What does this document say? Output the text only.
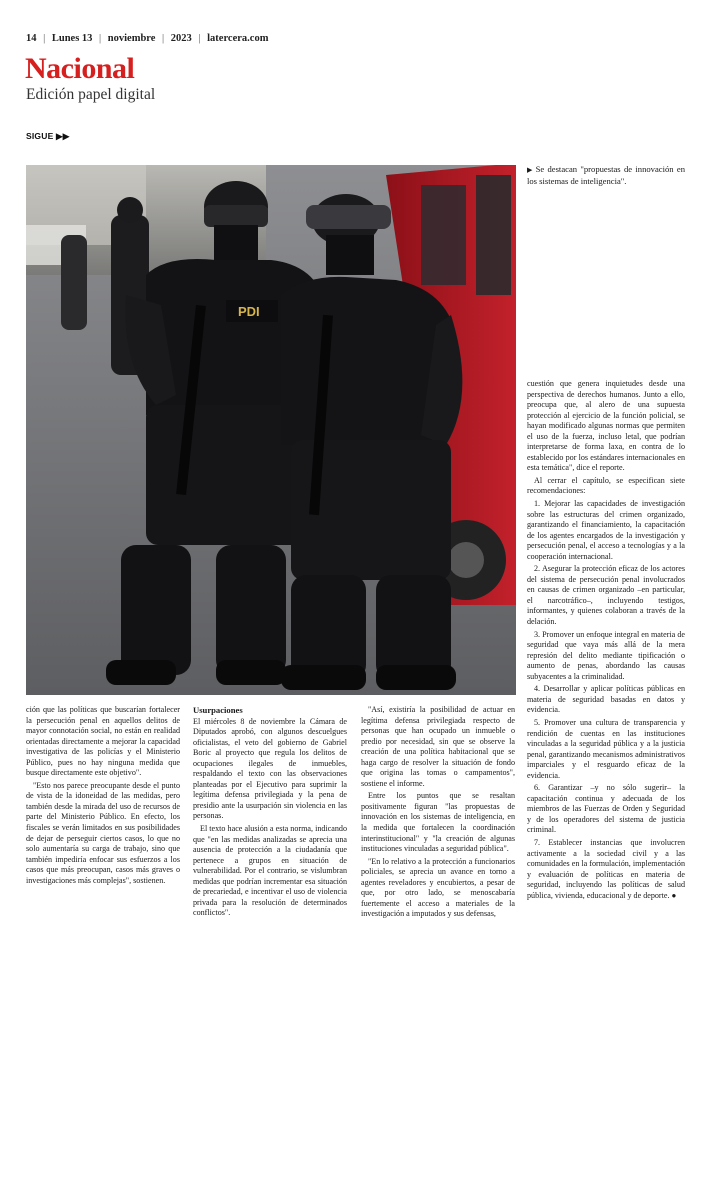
14 | Lunes 13 | noviembre | 2023 | latercera.com
Nacional
Edición papel digital
SIGUE ▶▶
PDI

ción que las políticas que buscarían fortalecer la persecución penal en aquellos delitos de mayor connotación social, no están en realidad orientadas directamente a mejorar la capacidad investigativa de las policías y el Ministerio Público, pues no hay ninguna medida que busque directamente este objetivo".

"Esto nos parece preocupante desde el punto de vista de la idoneidad de las medidas, pero también desde la mirada del uso de recursos de parte del Ministerio Público. En efecto, los fiscales se verán limitados en sus posibilidades de dejar de perseguir ciertos casos, lo que no solo aumentaría su carga de trabajo, sino que también impediría enfocar sus esfuerzos a los casos que más preocupan, casos más graves o investigaciones más complejas", sostienen.

Usurpaciones

El miércoles 8 de noviembre la Cámara de Diputados aprobó, con algunos descuelgues oficialistas, el veto del gobierno de Gabriel Boric al proyecto que regula los delitos de ocupaciones ilegales de inmuebles, respaldando el texto con las observaciones planteadas por el Ejecutivo para suprimir la legítima defensa privilegiada y la pena de presidio ante la usurpación sin violencia en las personas.

El texto hace alusión a esta norma, indicando que "en las medidas analizadas se aprecia una ausencia de protección a la ciudadanía que pertenece a grupos en situación de vulnerabilidad. Por el contrario, se vislumbran medidas que podrían incrementar esa situación de precariedad, e incentivar el uso de violencia privada para la resolución de determinados conflictos".

"Así, existiría la posibilidad de actuar en legítima defensa privilegiada respecto de personas que han ocupado un inmueble o predio por necesidad, sin que se observe la creación de una política habitacional que se haga cargo de resolver la situación de fondo que origina las tomas o campamentos", sostiene el informe.

Entre los puntos que se resaltan positivamente figuran "las propuestas de innovación en los sistemas de inteligencia, en la medida que fortalecen la coordinación interinstitucional" y "la creación de algunas instituciones vinculadas a seguridad pública".

"En lo relativo a la protección a funcionarios policiales, se aprecia un avance en torno a agentes reveladores y encubiertos, a pesar de que, por otro lado, se menoscabaría fuertemente el acceso a materiales de la investigación a imputados y sus defensas,

▶ Se destacan "propuestas de innovación en los sistemas de inteligencia".

cuestión que genera inquietudes desde una perspectiva de derechos humanos. Junto a ello, preocupa que, al alero de una supuesta protección al ejercicio de la función policial, se hayan modificado algunas normas que permiten el uso de la fuerza, incluso letal, que podrían interpretarse de forma laxa, en contra de lo establecido por los estándares internacionales en esta temática", dice el reporte.

Al cerrar el capítulo, se especifican siete recomendaciones:

1. Mejorar las capacidades de investigación sobre las estructuras del crimen organizado, garantizando el financiamiento, la capacitación de los agentes encargados de la investigación y persecución penal, el acceso a tecnologías y a la cooperación internacional.

2. Asegurar la protección eficaz de los actores del sistema de persecución penal involucrados en causas de crimen organizado –en particular, el narcotráfico–, incluyendo testigos, informantes, y quienes colaboran a través de la delación.

3. Promover un enfoque integral en materia de seguridad que vaya más allá de la mera represión del delito mediante tipificación o aumento de penas, abordando las causas subyacentes a la criminalidad.

4. Desarrollar y aplicar políticas públicas en materia de seguridad basadas en datos y evidencia.

5. Promover una cultura de transparencia y rendición de cuentas en las instituciones vinculadas a la seguridad pública y a la justicia penal, garantizando mecanismos administrativos imparciales y el resguardo eficaz de la evidencia.

6. Garantizar –y no sólo sugerir– la capacitación continua y adecuada de los miembros de las Fuerzas de Orden y Seguridad y de los operadores del sistema de justicia criminal.

7. Establecer instancias que involucren activamente a la sociedad civil y a las comunidades en la formulación, implementación y evaluación de políticas en materia de seguridad, incluyendo las políticas de salud pública, vivienda, educacional y de deporte. ●
